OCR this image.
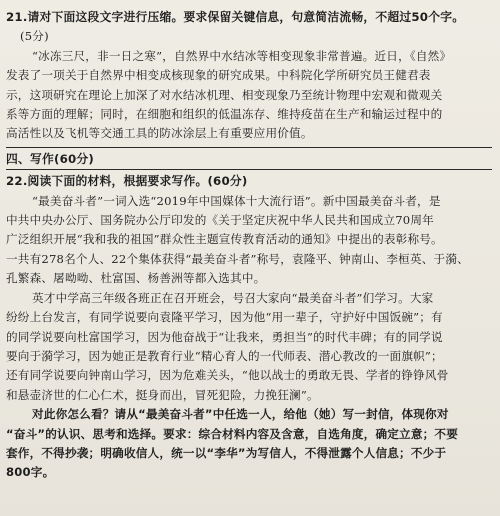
21.请对下面这段文字进行压缩。要求保留关键信息，句意简洁流畅，不超过50个字。
(5分)
“冰冻三尺，非一日之寒”，自然界中水结冰等相变现象非常普遍。近日，《自然》
发表了一项关于自然界中相变成核现象的研究成果。中科院化学所研究员王健君表
示，这项研究在理论上加深了对水结冰机理、相变现象乃至统计物理中宏观和微观关
系等方面的理解；同时，在细胞和组织的低温冻存、维持疫苗在生产和输运过程中的
高活性以及飞机等交通工具的防冰涂层上有重要应用价值。
四、写作(60分)
22.阅读下面的材料，根据要求写作。(60分)
“最美奋斗者”一词入选“2019年中国媒体十大流行语”。新中国最美奋斗者，是
中共中央办公厅、国务院办公厅印发的《关于坚定庆祝中华人民共和国成立70周年
广泛组织开展“我和我的祖国”群众性主题宣传教育活动的通知》中提出的表彰称号。
一共有278名个人、22个集体获得“最美奋斗者”称号，袁隆平、钟南山、李桓英、于漪、
孔繁森、屠呦呦、杜富国、杨善洲等都入选其中。
英才中学高三年级各班正在召开班会，号召大家向“最美奋斗者”们学习。大家
纷纷上台发言，有同学说要向袁隆平学习，因为他“用一辈子，守护好中国饭碗”；有
的同学说要向杜富国学习，因为他奋战于“让我来，勇担当”的时代丰碑；有的同学说
要向于漪学习，因为她正是教育行业“精心育人的一代师表、潜心教改的一面旗帜”；
还有同学说要向钟南山学习，因为危难关头，“他以战士的勇敢无畏、学者的铮铮风骨
和悬壶济世的仁心仁术，挺身而出，冒死犯险，力挽狂澜”。
对此你怎么看？请从“最美奋斗者”中任选一人，给他（她）写一封信，体现你对
“奋斗”的认识、思考和选择。要求：综合材料内容及含意，自选角度，确定立意；不要
套作，不得抄袭；明确收信人，统一以“李华”为写信人，不得泄露个人信息；不少于
800字。
